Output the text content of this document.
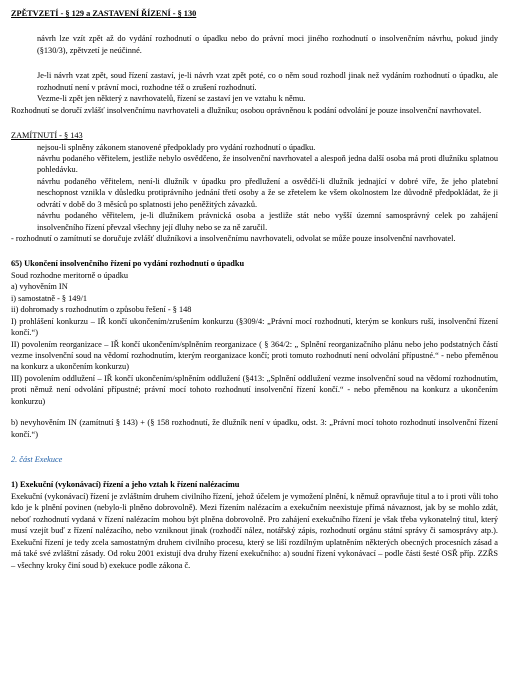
ZPĚTVZETÍ - § 129 a ZASTAVENÍ ŘÍZENÍ - § 130

návrh lze vzít zpět až do vydání rozhodnutí o úpadku nebo do právní moci jiného rozhodnutí o insolvenčním návrhu, pokud jindy (§130/3), zpětvzetí je neúčinné.

Je-li návrh vzat zpět, soud řízení zastaví, je-li návrh vzat zpět poté, co o něm soud rozhodl jinak než vydáním rozhodnutí o úpadku, ale rozhodnutí není v právní moci, rozhodne též o zrušení rozhodnutí.

Vezme-li zpět jen některý z navrhovatelů, řízení se zastaví jen ve vztahu k němu.

Rozhodnutí se doručí zvlášť insolvenčnímu navrhovateli a dlužníku; osobou oprávněnou k podání odvolání je pouze insolvenční navrhovatel.

ZAMÍTNUTÍ - § 143

nejsou-li splněny zákonem stanovené předpoklady pro vydání rozhodnutí o úpadku.

návrhu podaného věřitelem, jestliže nebylo osvědčeno, že insolvenční navrhovatel a alespoň jedna další osoba má proti dlužníku splatnou pohledávku.

návrhu podaného věřitelem, není-li dlužník v úpadku pro předlužení a osvědčí-li dlužník jednající v dobré víře, že jeho platební neschopnost vznikla v důsledku protiprávního jednání třetí osoby a že se zřetelem ke všem okolnostem lze důvodně předpokládat, že ji odvrátí v době do 3 měsíců po splatnosti jeho peněžitých závazků.

návrhu podaného věřitelem, je-li dlužníkem právnická osoba a jestliže stát nebo vyšší územní samosprávný celek po zahájení insolvenčního řízení převzal všechny její dluhy nebo se za ně zaručil.

- rozhodnutí o zamítnutí se doručuje zvlášť dlužníkovi a insolvenčnímu navrhovateli, odvolat se může pouze insolvenční navrhovatel.

65) Ukončení insolvenčního řízení po vydání rozhodnutí o úpadku

Soud rozhodne meritorně o úpadku

a) vyhověním IN

i) samostatně - § 149/1

ii) dohromady s rozhodnutím o způsobu řešení - § 148

I) prohlášení konkurzu – IŘ končí ukončením/zrušením konkurzu (§309/4: „Právní mocí rozhodnutí, kterým se konkurs ruší, insolvenční řízení končí.“)

II) povolením reorganizace – IŘ končí ukončením/splněním reorganizace ( § 364/2: „ Splnění reorganizačního plánu nebo jeho podstatných částí vezme insolvenční soud na vědomí rozhodnutím, kterým reorganizace končí; proti tomuto rozhodnutí není odvolání přípustné.“ - nebo přeměnou na konkurz a ukončením konkurzu)

III) povolením oddlužení – IŘ končí ukončením/splněním oddlužení (§413: „Splnění oddlužení vezme insolvenční soud na vědomí rozhodnutím, proti němuž není odvolání přípustné; právní mocí tohoto rozhodnutí insolvenční řízení končí.“ - nebo přeměnou na konkurz a ukončením konkurzu)

b) nevyhověním IN (zamítnutí § 143) + (§ 158 rozhodnutí, že dlužník není v úpadku, odst. 3: „Právní mocí tohoto rozhodnutí insolvenční řízení končí.“)

2. část Exekuce

1) Exekuční (vykonávací) řízení a jeho vztah k řízení nalézacímu

Exekuční (vykonávací) řízení je zvláštním druhem civilního řízení, jehož účelem je vymožení plnění, k němuž opravňuje titul a to i proti vůli toho kdo je k plnění povinen (nebylo-li plněno dobrovolně). Mezi řízením nalézacím a exekučním neexistuje přímá návaznost, jak by se mohlo zdát, neboť rozhodnutí vydaná v řízení nalézacím mohou být plněna dobrovolně. Pro zahájení exekučního řízení je však třeba vykonatelný titul, který musí vzejít buď z řízení nalézacího, nebo vzniknout jinak (rozhodčí nález, notářský zápis, rozhodnutí orgánu státní správy či samosprávy atp.). Exekuční řízení je tedy zcela samostatným druhem civilního procesu, který se liší rozdílným uplatněním některých obecných procesních zásad a má také své zvláštní zásady. Od roku 2001 existují dva druhy řízení exekučního: a) soudní řízení vykonávací – podle části šesté OSŘ příp. ZZŘS – všechny kroky činí soud b) exekuce podle zákona č.
